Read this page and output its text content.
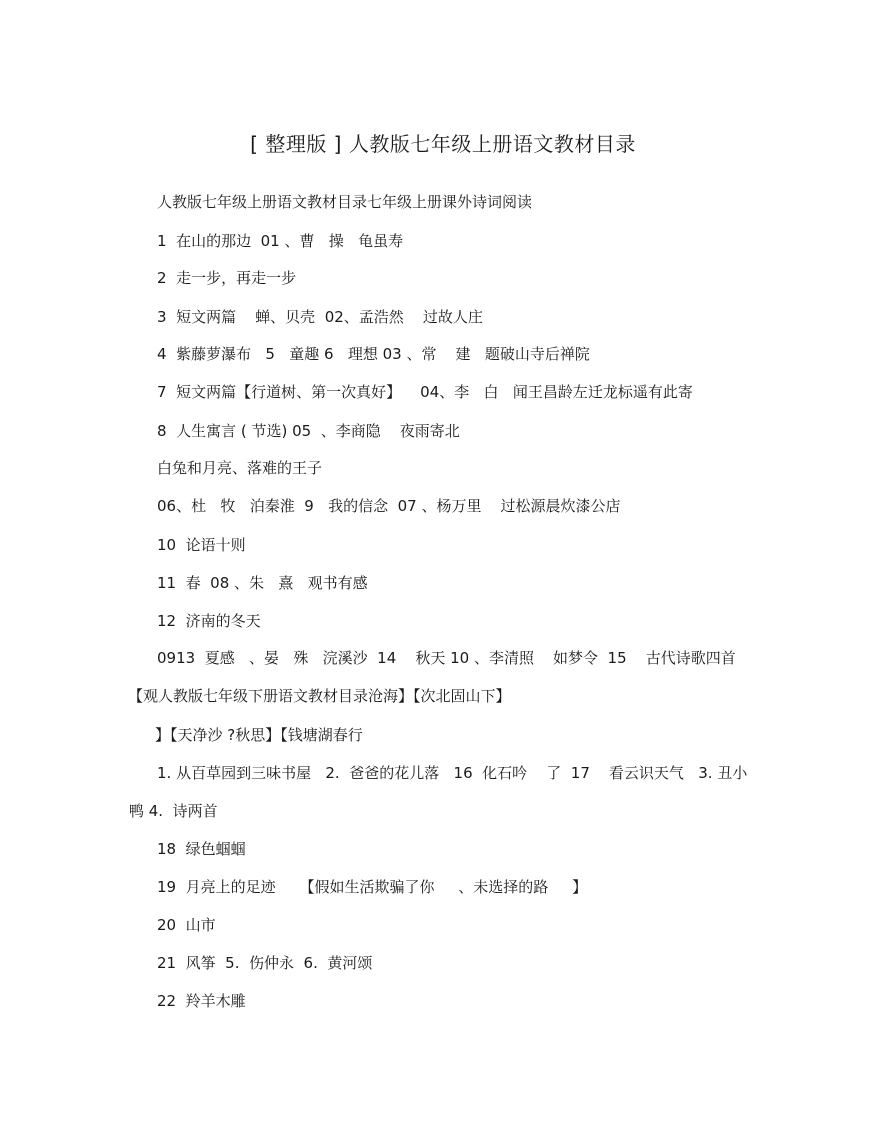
[ 整理版 ] 人教版七年级上册语文教材目录
人教版七年级上册语文教材目录七年级上册课外诗词阅读
1  在山的那边  01 、曹   操   龟虽寿
2  走一步，再走一步
3  短文两篇    蝉、贝壳  02、孟浩然    过故人庄
4  紫藤萝瀑布   5   童趣 6   理想 03 、常    建   题破山寺后禅院
7  短文两篇【行道树、第一次真好】    04、李   白   闻王昌龄左迁龙标遥有此寄
8  人生寓言 ( 节选) 05  、李商隐    夜雨寄北
白兔和月亮、落难的王子
06、杜   牧   泊秦淮  9   我的信念  07 、杨万里    过松源晨炊漆公店
10  论语十则
11  春  08 、朱   熹   观书有感
12  济南的冬天
0913  夏感   、晏   殊   浣溪沙  14    秋天 10 、李清照    如梦令  15    古代诗歌四首
【观人教版七年级下册语文教材目录沧海】【次北固山下】
】【天净沙 ?秋思】【钱塘湖春行
1. 从百草园到三味书屋   2.  爸爸的花儿落   16  化石吟    了  17    看云识天气   3. 丑小
鸭 4.  诗两首
18  绿色蝈蝈
19  月亮上的足迹     【假如生活欺骗了你     、未选择的路     】
20  山市
21  风筝  5.  伤仲永  6.  黄河颂
22  羚羊木雕
